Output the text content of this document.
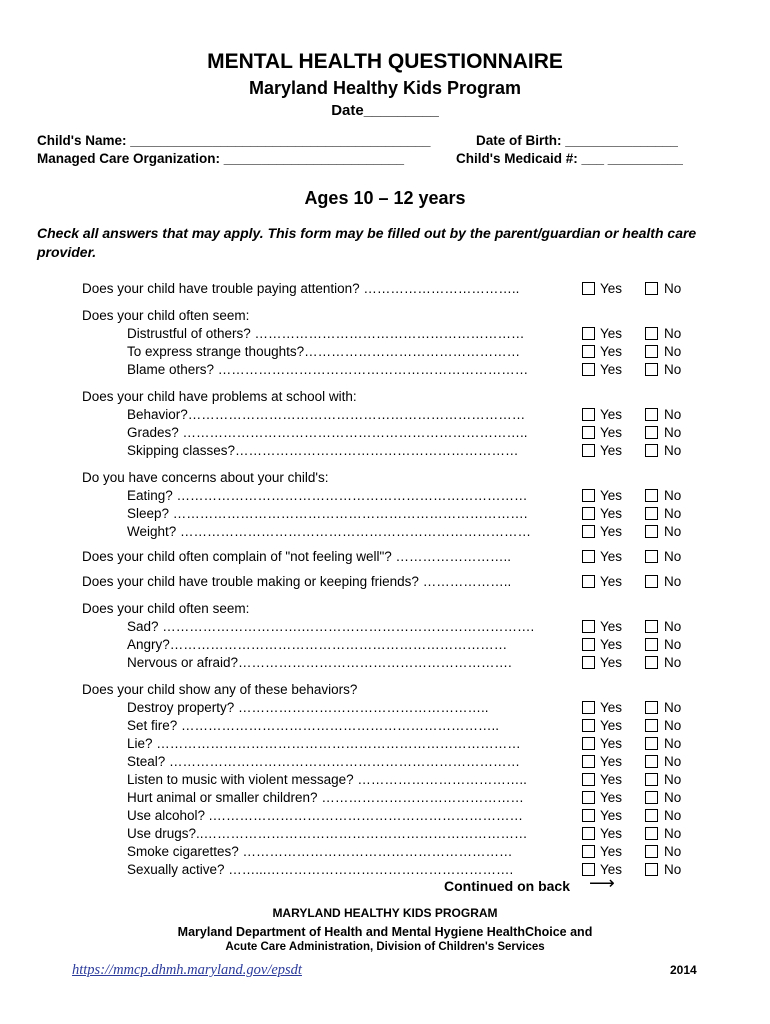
MENTAL HEALTH QUESTIONNAIRE
Maryland Healthy Kids Program
Date_________
Child's Name: ________________________________________	Date of Birth: _______________
Managed Care Organization: ________________________	Child's Medicaid #: ___ __________
Ages 10 – 12 years
Check all answers that may apply. This form may be filled out by the parent/guardian or health care provider.
Does your child have trouble paying attention? ……………………………..	Yes	No
Does your child often seem:
Distrustful of others? ……………………………………………………	Yes	No
To express strange thoughts?…………………………………………	Yes	No
Blame others? ……………………………………………………………	Yes	No
Does your child have problems at school with:
Behavior?…………………………………………………………………	Yes	No
Grades? …………………………………………………………………..	Yes	No
Skipping classes?………………………………………………………	Yes	No
Do you have concerns about your child's:
Eating? ……………………………………………………………………	Yes	No
Sleep? …………………………………………………………………….	Yes	No
Weight? ……………………………………………………………………	Yes	No
Does your child often complain of "not feeling well"? ……………………..	Yes	No
Does your child have trouble making or keeping friends? ………………..	Yes	No
Does your child often seem:
Sad? ………………………….…………………………………………….	Yes	No
Angry?…………………………………………………………………	Yes	No
Nervous or afraid?…………………………………………………….	Yes	No
Does your child show any of these behaviors?
Destroy property? ………………………………………………..	Yes	No
Set fire? ……………………………………………………………..	Yes	No
Lie? ………………………………………………………………………	Yes	No
Steal? ……………………………………………………………………	Yes	No
Listen to music with violent message? ………………………………..	Yes	No
Hurt animal or smaller children? ………………………………………	Yes	No
Use alcohol? .……………………………………………………………	Yes	No
Use drugs?..………………………………………………………………	Yes	No
Smoke cigarettes? ……………………………………………………	Yes	No
Sexually active? ……...……………………………………………….	Yes	No
Continued on back ⟶
MARYLAND HEALTHY KIDS PROGRAM
Maryland Department of Health and Mental Hygiene HealthChoice and
Acute Care Administration, Division of Children's Services
https://mmcp.dhmh.maryland.gov/epsdt	2014
